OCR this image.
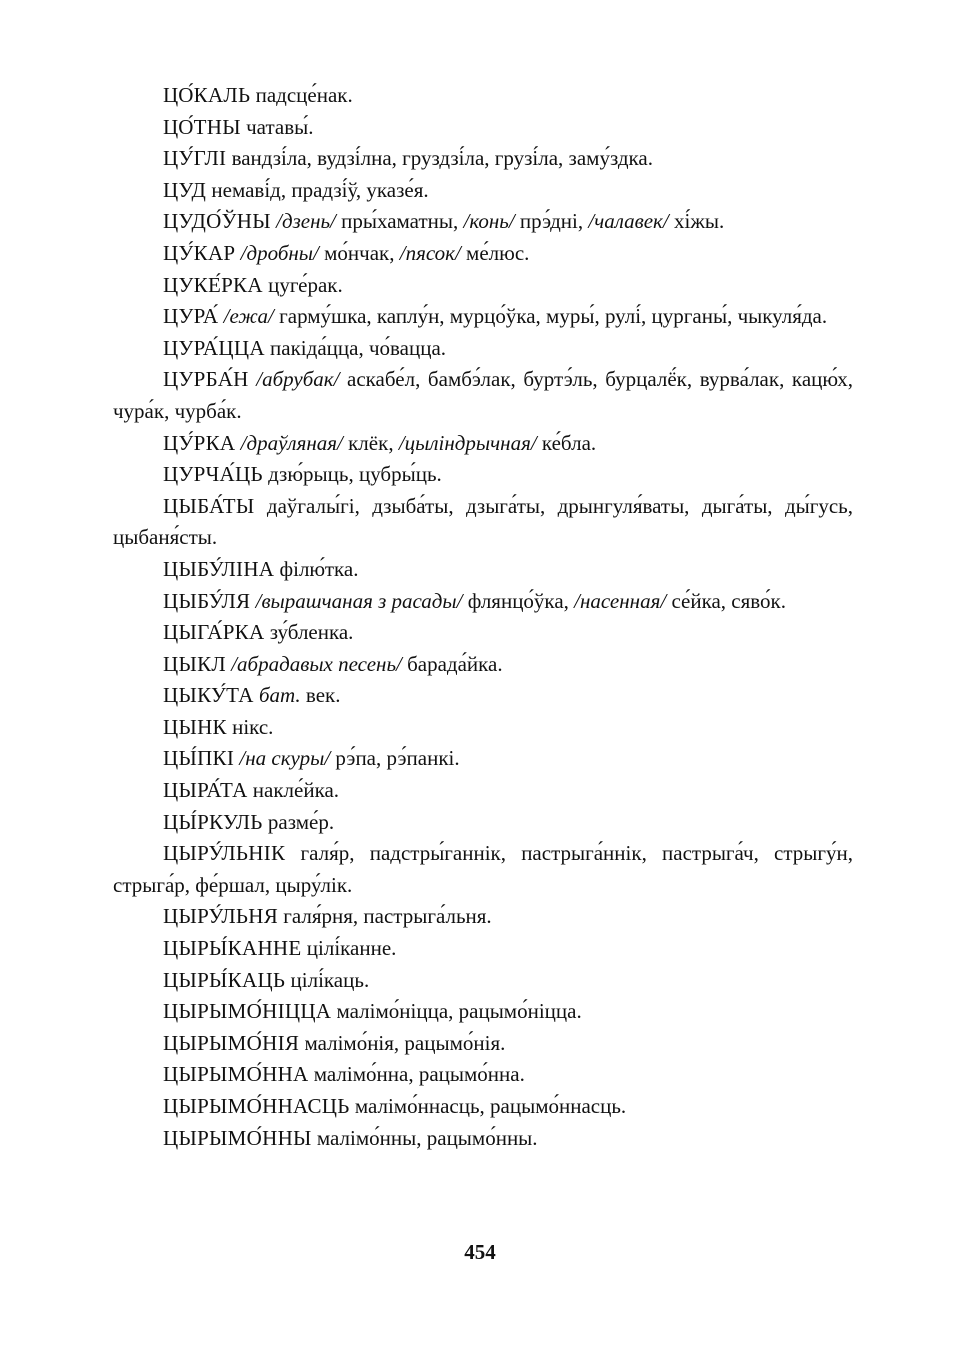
ЦО́КАЛЬ падсце́нак.

ЦО́ТНЫ чатавы́.

ЦУ́ГЛІ вандзі́ла, вудзі́лна, груздзі́ла, грузі́ла, заму́здка.

ЦУД немаві́д, прадзі́ў, указе́я.

ЦУДО́ЎНЫ /дзень/ пры́хаматны, /конь/ прэ́дні, /чалавек/ хі́жы.

ЦУ́КАР /дробны/ мо́нчак, /пясок/ ме́люс.

ЦУКЕ́РКА цуге́рак.

ЦУРА́ /ежа/ гарму́шка, каплу́н, мурцо́ўка, муры́, рулі́, цурганы́, чыкуля́да.

ЦУРА́ЦЦА пакіда́цца, чо́вацца.

ЦУРБА́Н /абрубак/ аскабе́л, бамбэ́лак, буртэ́ль, бурцалё́к, вурва́лак, кацю́х, чура́к, чурба́к.

ЦУ́РКА /драўляная/ клёк, /цыліндрычная/ ке́бла.

ЦУРЧА́ЦЬ дзю́рыць, цубры́ць.

ЦЫБА́ТЫ даўгалы́гі, дзыба́ты, дзыга́ты, дрынгуля́ваты, дыга́ты, ды́гусь, цыбаня́сты.

ЦЫБУ́ЛІНА філю́тка.

ЦЫБУ́ЛЯ /вырашчаная з расады/ флянцо́ўка, /насенная/ се́йка, сяво́к.

ЦЫГА́РКА зу́бленка.

ЦЫКЛ /абрадавых песень/ барада́йка.

ЦЫКУ́ТА бат. век.

ЦЫНК нікс.

ЦЫ́ПКІ /на скуры/ рэ́па, рэ́панкі.

ЦЫРА́ТА накле́йка.

ЦЫ́РКУЛЬ разме́р.

ЦЫРУ́ЛЬНІК галя́р, падстры́ганнік, пастрыга́ннік, пастрыга́ч, стрыгу́н, стрыга́р, фе́ршал, цыру́лік.

ЦЫРУ́ЛЬНЯ галя́рня, пастрыга́льня.

ЦЫРЫ́КАННЕ цілі́канне.

ЦЫРЫ́КАЦЬ цілі́каць.

ЦЫРЫМО́НІЦЦА малімо́ніцца, рацымо́ніцца.

ЦЫРЫМО́НІЯ малімо́нія, рацымо́нія.

ЦЫРЫМО́ННА малімо́нна, рацымо́нна.

ЦЫРЫМО́ННАСЦЬ малімо́ннасць, рацымо́ннасць.

ЦЫРЫМО́ННЫ малімо́нны, рацымо́нны.

454
